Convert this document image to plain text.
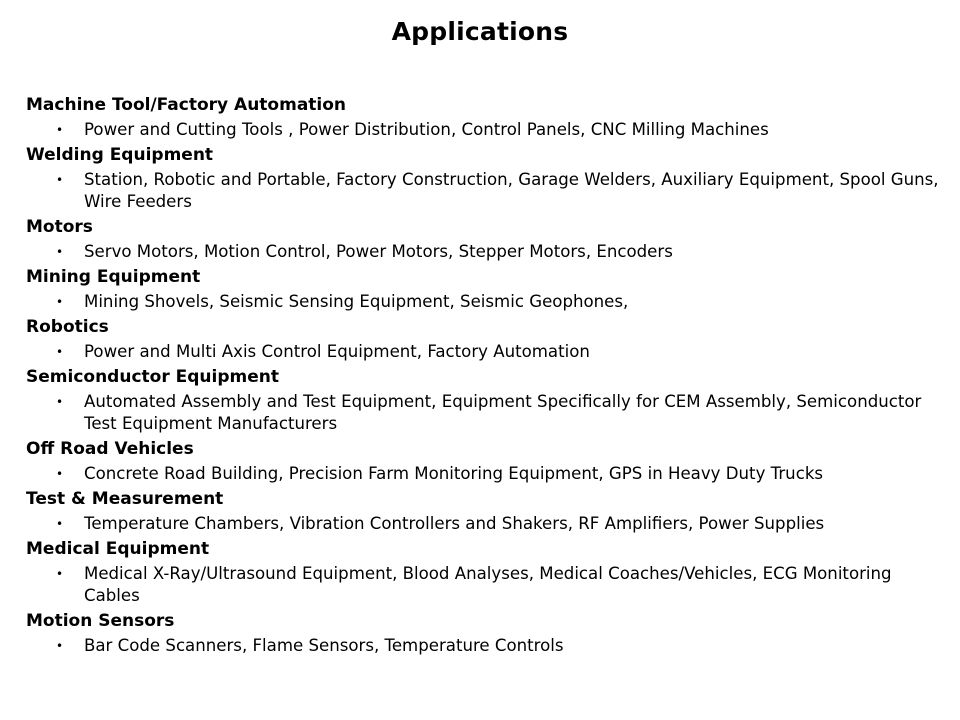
Applications
Machine Tool/Factory Automation
• Power and Cutting Tools , Power Distribution, Control Panels, CNC Milling Machines
Welding Equipment
• Station, Robotic and Portable, Factory Construction, Garage Welders, Auxiliary Equipment, Spool Guns, Wire Feeders
Motors
• Servo Motors, Motion Control, Power Motors, Stepper Motors, Encoders
Mining Equipment
• Mining Shovels, Seismic Sensing Equipment, Seismic Geophones,
Robotics
• Power and Multi Axis Control Equipment, Factory Automation
Semiconductor Equipment
• Automated Assembly and Test Equipment, Equipment Specifically for CEM Assembly, Semiconductor Test Equipment Manufacturers
Off Road Vehicles
• Concrete Road Building, Precision Farm Monitoring Equipment, GPS in Heavy Duty Trucks
Test & Measurement
• Temperature Chambers, Vibration Controllers and Shakers, RF Amplifiers, Power Supplies
Medical Equipment
• Medical X-Ray/Ultrasound Equipment, Blood Analyses, Medical Coaches/Vehicles, ECG Monitoring Cables
Motion Sensors
• Bar Code Scanners, Flame Sensors, Temperature Controls
